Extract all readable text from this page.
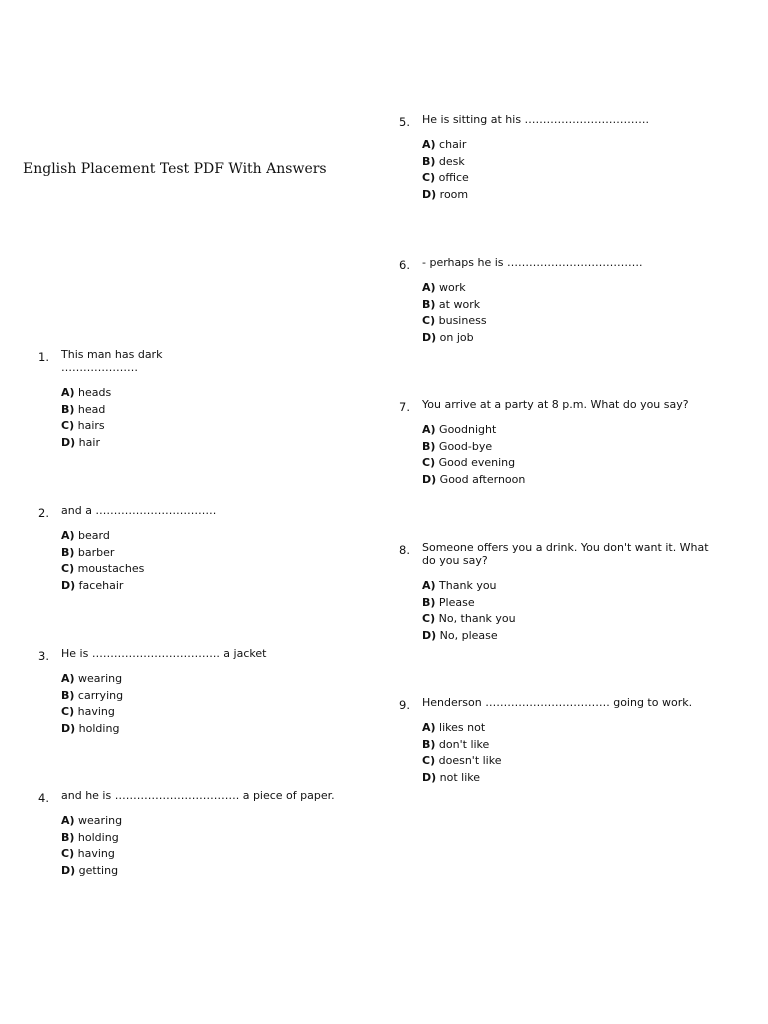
English Placement Test PDF With Answers
1. This man has dark
…………………
A) heads
B) head
C) hairs
D) hair
2. and a ……………………………
A) beard
B) barber
C) moustaches
D) facehair
3. He is …………………………….. a jacket
A) wearing
B) carrying
C) having
D) holding
4. and he is ……………………………. a piece of paper.
A) wearing
B) holding
C) having
D) getting
5. He is sitting at his …………………………….
A) chair
B) desk
C) office
D) room
6. - perhaps he is ……………………………….
A) work
B) at work
C) business
D) on job
7. You arrive at a party at 8 p.m. What do you say?
A) Goodnight
B) Good-bye
C) Good evening
D) Good afternoon
8. Someone offers you a drink. You don't want it. What
do you say?
A) Thank you
B) Please
C) No, thank you
D) No, please
9. Henderson ……………………………. going to work.
A) likes not
B) don't like
C) doesn't like
D) not like
